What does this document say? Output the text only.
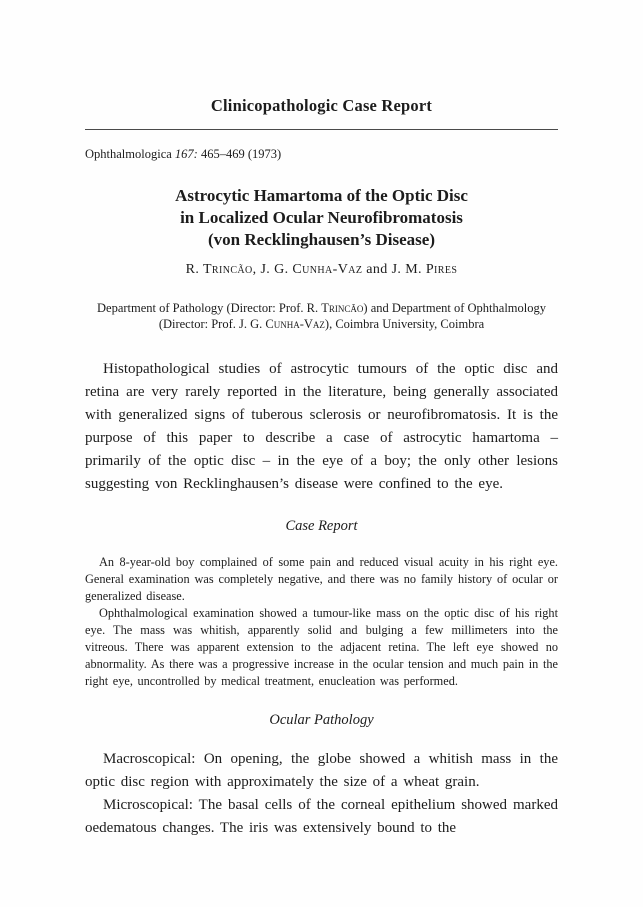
Clinicopathologic Case Report
Ophthalmologica 167: 465–469 (1973)
Astrocytic Hamartoma of the Optic Disc
in Localized Ocular Neurofibromatosis
(von Recklinghausen’s Disease)
R. Trincão, J. G. Cunha-Vaz and J. M. Pires
Department of Pathology (Director: Prof. R. Trincão) and Department of Ophthalmology (Director: Prof. J. G. Cunha-Vaz), Coimbra University, Coimbra

Histopathological studies of astrocytic tumours of the optic disc and retina are very rarely reported in the literature, being generally associated with generalized signs of tuberous sclerosis or neurofibromatosis. It is the purpose of this paper to describe a case of astrocytic hamartoma – primarily of the optic disc – in the eye of a boy; the only other lesions suggesting von Recklinghausen’s disease were confined to the eye.

Case Report

An 8-year-old boy complained of some pain and reduced visual acuity in his right eye. General examination was completely negative, and there was no family history of ocular or generalized disease.

Ophthalmological examination showed a tumour-like mass on the optic disc of his right eye. The mass was whitish, apparently solid and bulging a few millimeters into the vitreous. There was apparent extension to the adjacent retina. The left eye showed no abnormality. As there was a progressive increase in the ocular tension and much pain in the right eye, uncontrolled by medical treatment, enucleation was performed.

Ocular Pathology

Macroscopical: On opening, the globe showed a whitish mass in the optic disc region with approximately the size of a wheat grain.

Microscopical: The basal cells of the corneal epithelium showed marked oedematous changes. The iris was extensively bound to the
